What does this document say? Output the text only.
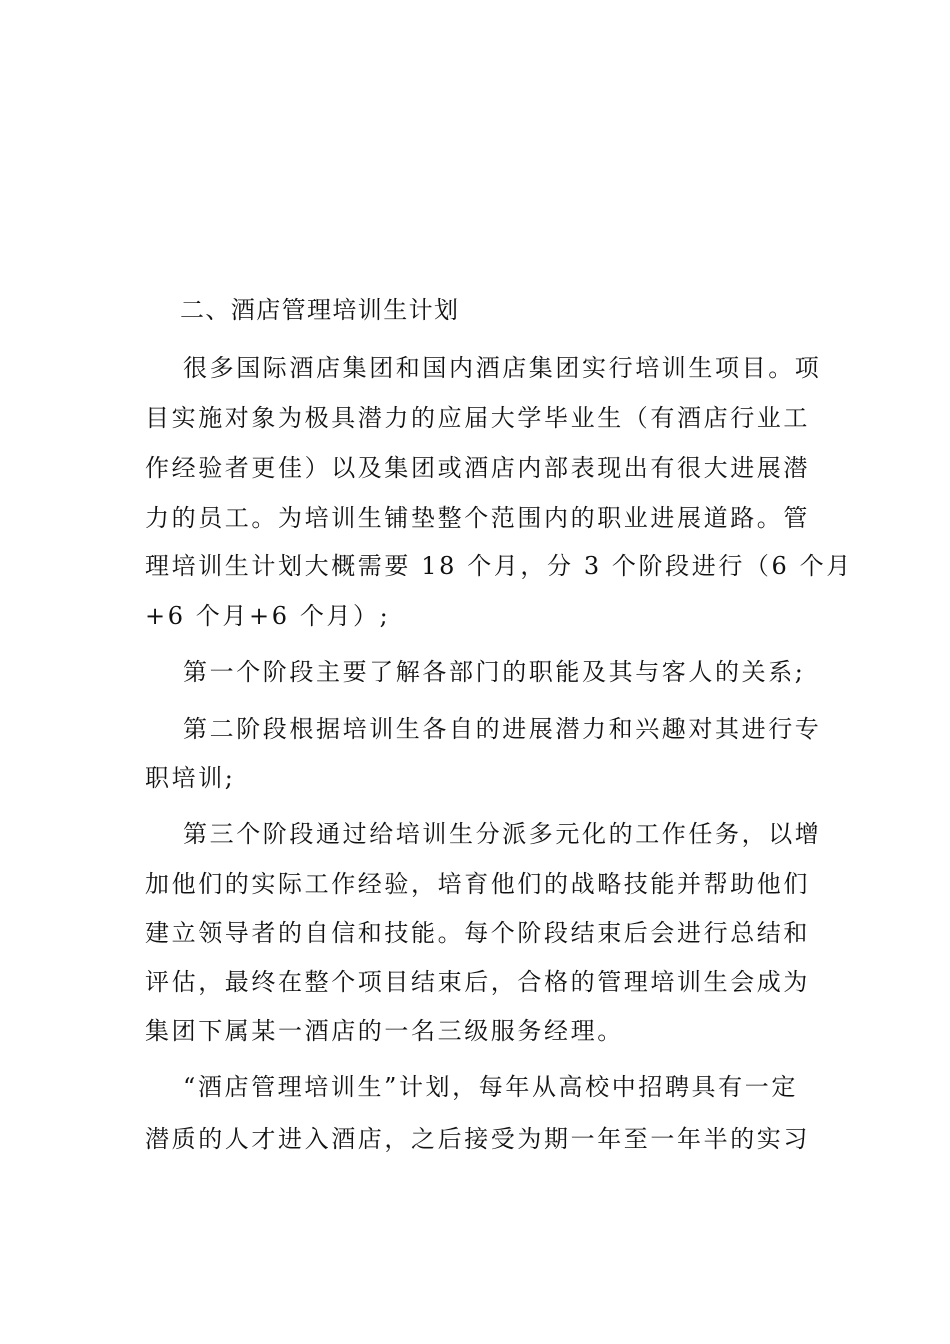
二、酒店管理培训生计划
很多国际酒店集团和国内酒店集团实行培训生项目。项
目实施对象为极具潜力的应届大学毕业生（有酒店行业工
作经验者更佳）以及集团或酒店内部表现出有很大进展潜
力的员工。为培训生铺垫整个范围内的职业进展道路。管
理培训生计划大概需要 18 个月，分 3 个阶段进行（6 个月
+6 个月+6 个月）;
第一个阶段主要了解各部门的职能及其与客人的关系;
第二阶段根据培训生各自的进展潜力和兴趣对其进行专
职培训;
第三个阶段通过给培训生分派多元化的工作任务，以增
加他们的实际工作经验，培育他们的战略技能并帮助他们
建立领导者的自信和技能。每个阶段结束后会进行总结和
评估，最终在整个项目结束后，合格的管理培训生会成为
集团下属某一酒店的一名三级服务经理。
“酒店管理培训生”计划，每年从高校中招聘具有一定
潜质的人才进入酒店，之后接受为期一年至一年半的实习
